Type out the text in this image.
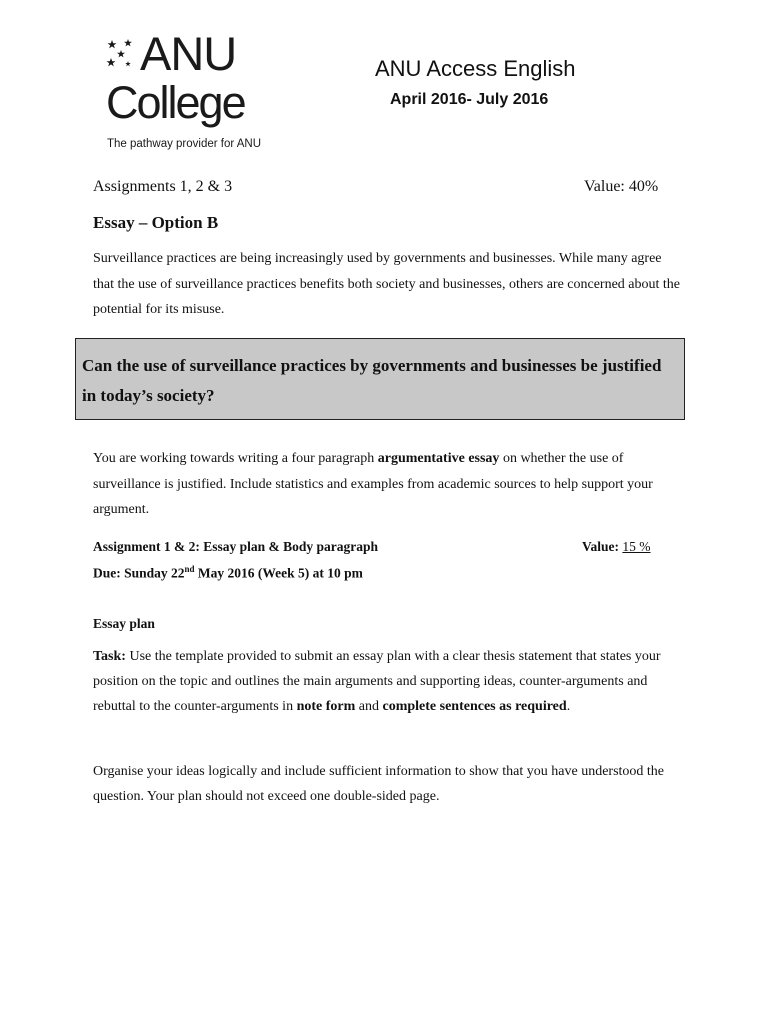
ANU
College
The pathway provider for ANU
ANU Access English
April 2016- July 2016
Assignments 1, 2 & 3	Value: 40%
Essay – Option B
Surveillance practices are being increasingly used by governments and businesses. While many agree that the use of surveillance practices benefits both society and businesses, others are concerned about the potential for its misuse.
Can the use of surveillance practices by governments and businesses be justified in today’s society?
You are working towards writing a four paragraph argumentative essay on whether the use of surveillance is justified. Include statistics and examples from academic sources to help support your argument.
Assignment 1 & 2: Essay plan & Body paragraph	Value: 15 %
Due: Sunday 22nd May 2016 (Week 5) at 10 pm
Essay plan
Task: Use the template provided to submit an essay plan with a clear thesis statement that states your position on the topic and outlines the main arguments and supporting ideas, counter-arguments and rebuttal to the counter-arguments in note form and complete sentences as required.
Organise your ideas logically and include sufficient information to show that you have understood the question. Your plan should not exceed one double-sided page.
